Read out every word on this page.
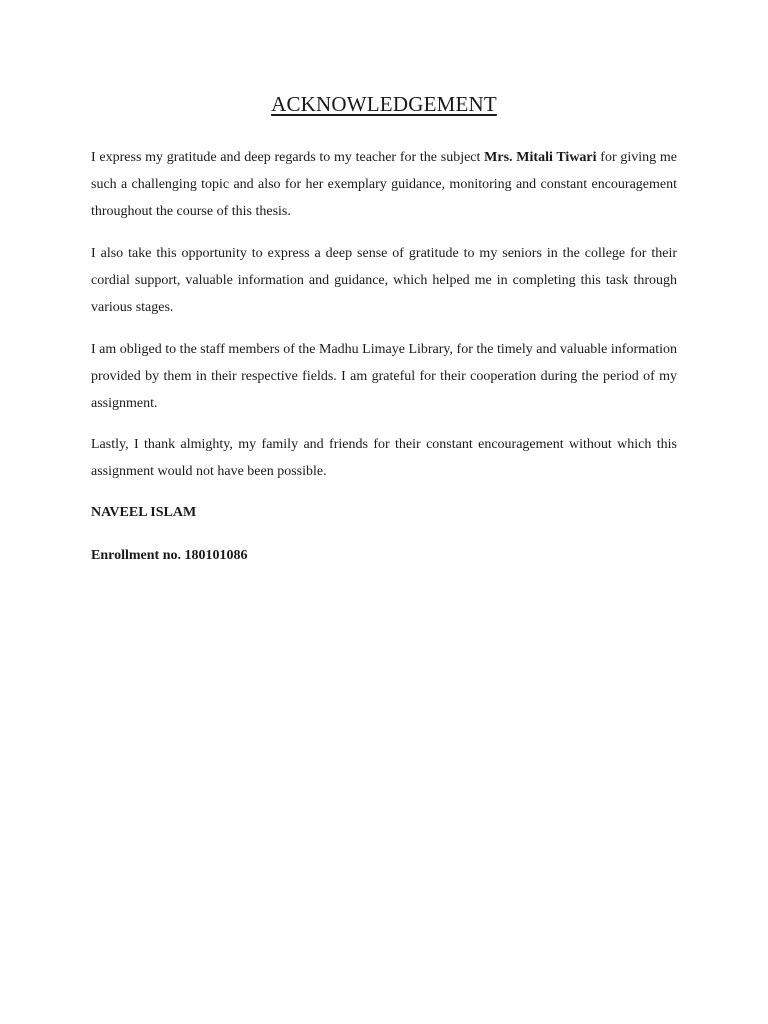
ACKNOWLEDGEMENT

I express my gratitude and deep regards to my teacher for the subject Mrs. Mitali Tiwari for giving me such a challenging topic and also for her exemplary guidance, monitoring and constant encouragement throughout the course of this thesis.

I also take this opportunity to express a deep sense of gratitude to my seniors in the college for their cordial support, valuable information and guidance, which helped me in completing this task through various stages.

I am obliged to the staff members of the Madhu Limaye Library, for the timely and valuable information provided by them in their respective fields. I am grateful for their cooperation during the period of my assignment.

Lastly, I thank almighty, my family and friends for their constant encouragement without which this assignment would not have been possible.

NAVEEL ISLAM

Enrollment no. 180101086
